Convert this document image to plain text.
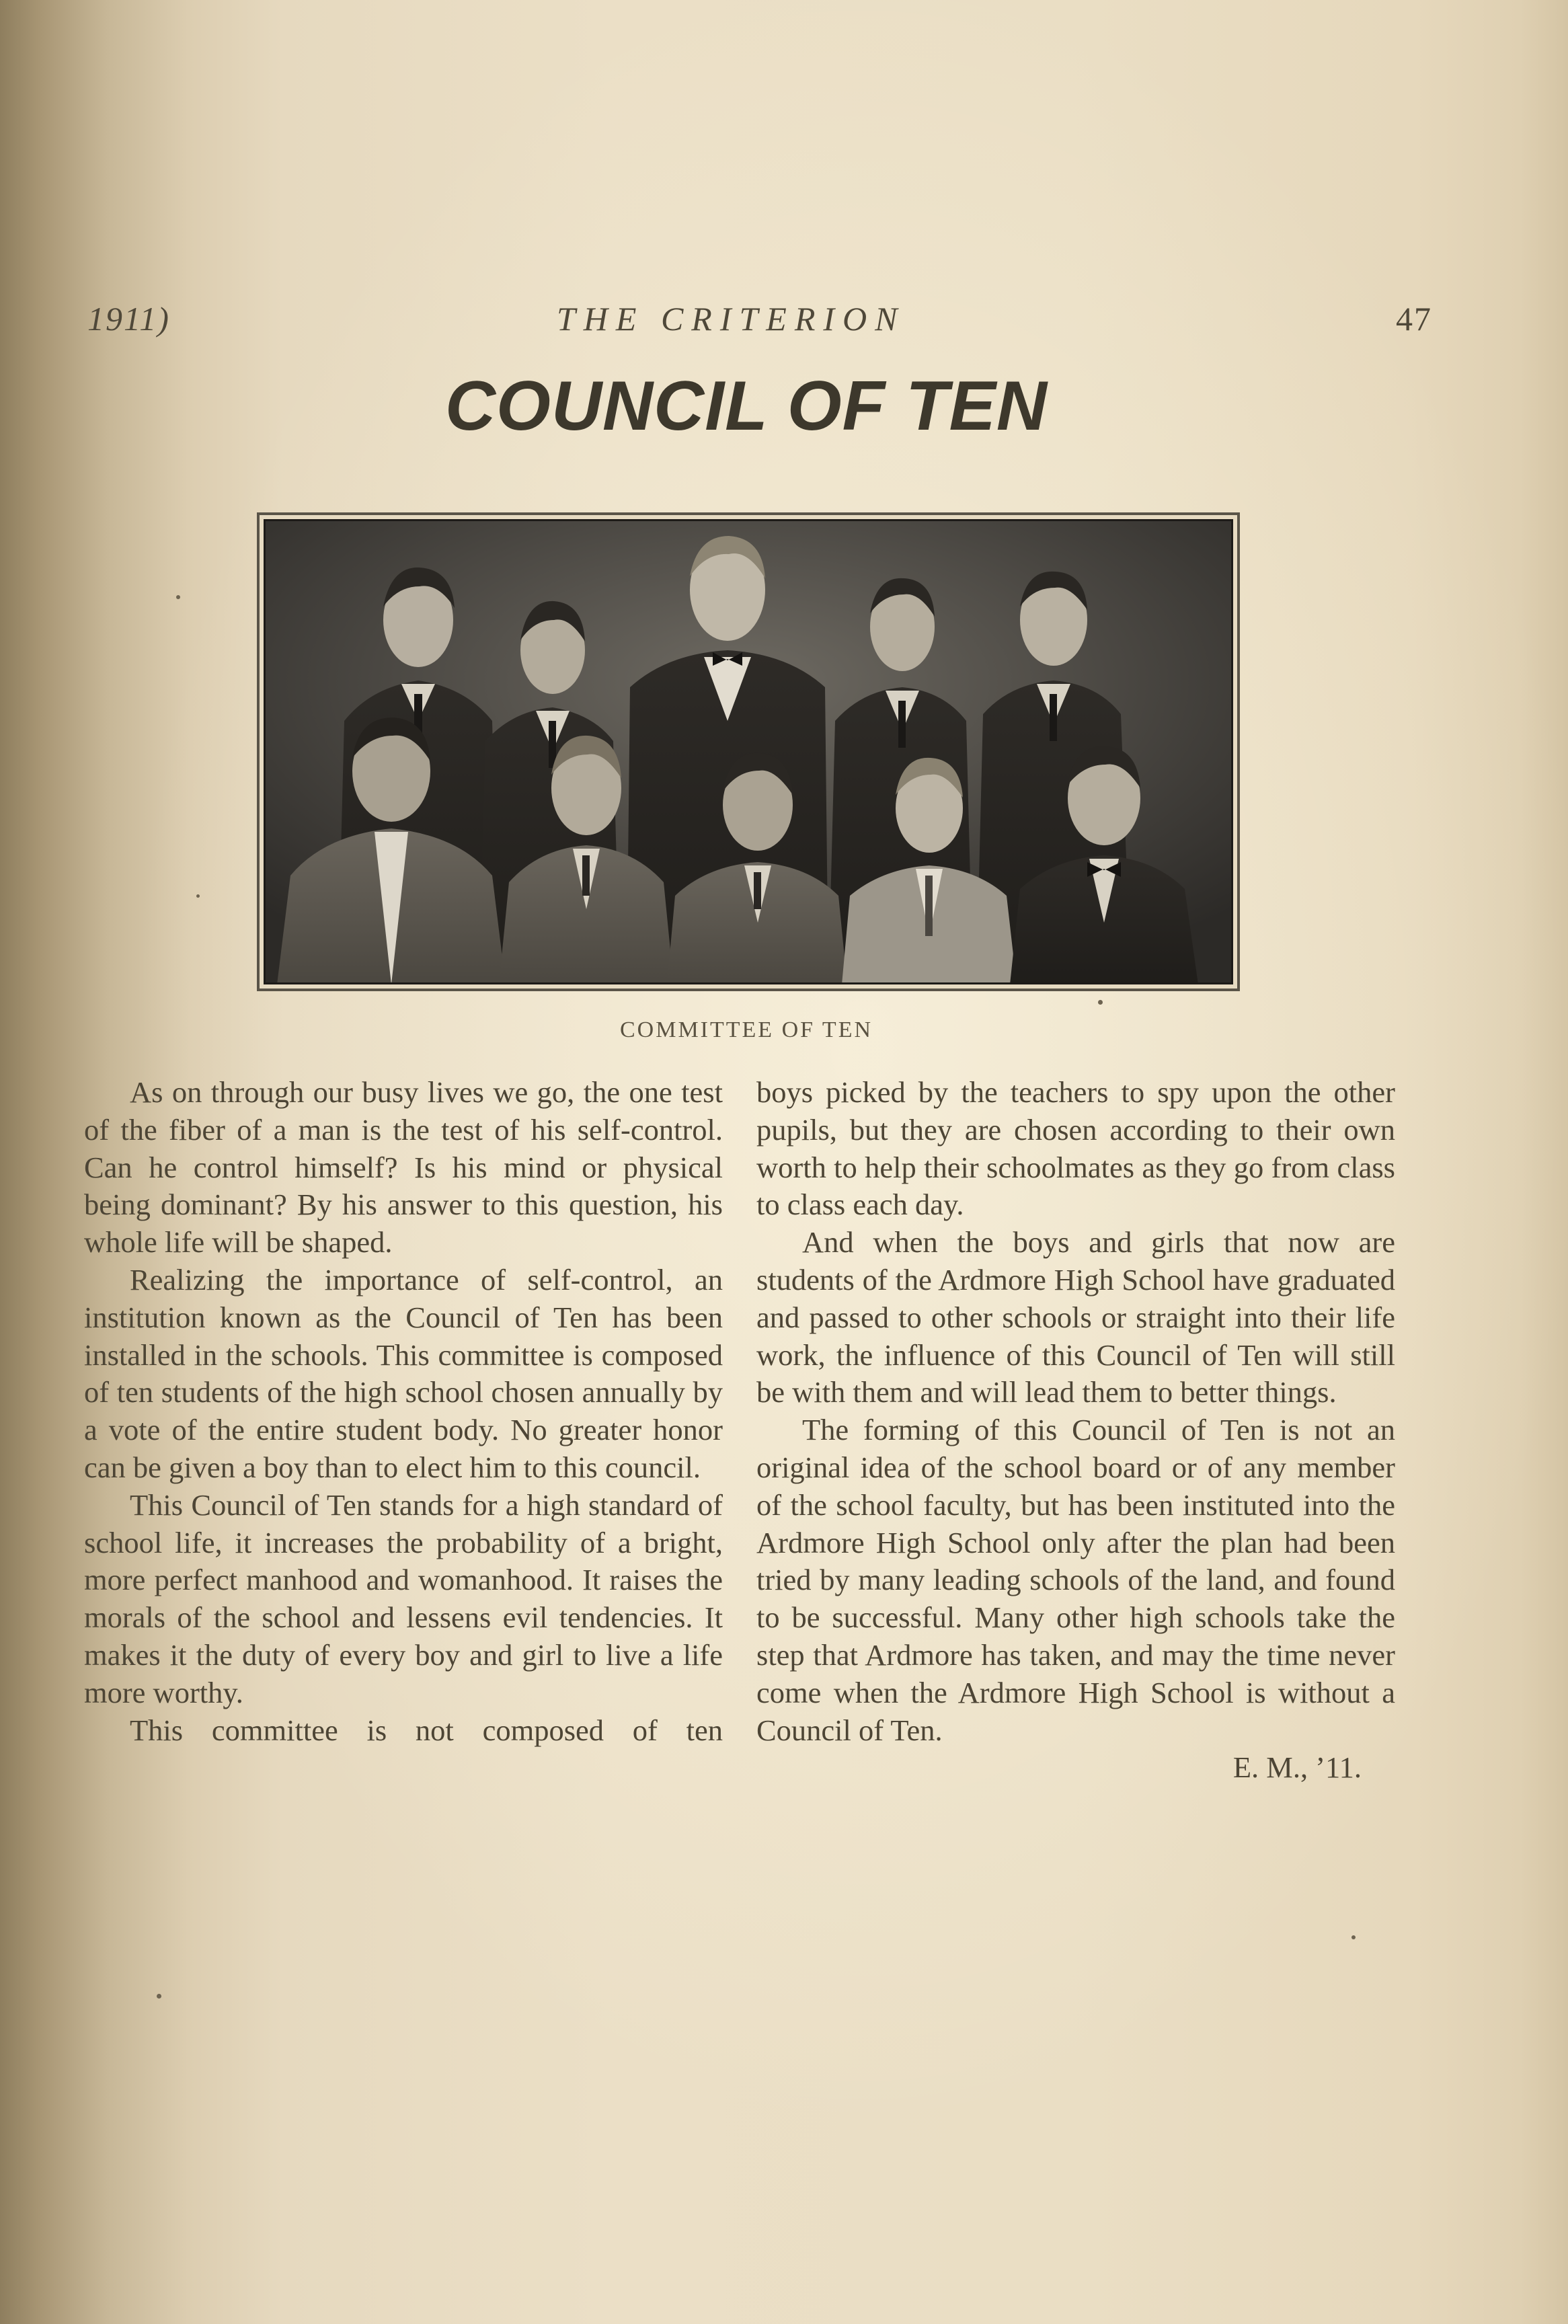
1911)	THE CRITERION	47
COUNCIL OF TEN
COMMITTEE OF TEN

As on through our busy lives we go, the one test of the fiber of a man is the test of his self-control. Can he control himself? Is his mind or physical being dominant? By his answer to this question, his whole life will be shaped.

Realizing the importance of self-control, an institution known as the Council of Ten has been installed in the schools. This committee is composed of ten students of the high school chosen annually by a vote of the entire student body. No greater honor can be given a boy than to elect him to this council.

This Council of Ten stands for a high standard of school life, it increases the probability of a bright, more perfect manhood and womanhood. It raises the morals of the school and lessens evil tendencies. It makes it the duty of every boy and girl to live a life more worthy.

This committee is not composed of ten

boys picked by the teachers to spy upon the other pupils, but they are chosen according to their own worth to help their schoolmates as they go from class to class each day.

And when the boys and girls that now are students of the Ardmore High School have graduated and passed to other schools or straight into their life work, the influence of this Council of Ten will still be with them and will lead them to better things.

The forming of this Council of Ten is not an original idea of the school board or of any member of the school faculty, but has been instituted into the Ardmore High School only after the plan had been tried by many leading schools of the land, and found to be successful. Many other high schools take the step that Ardmore has taken, and may the time never come when the Ardmore High School is without a Council of Ten.

E. M., ’11.
